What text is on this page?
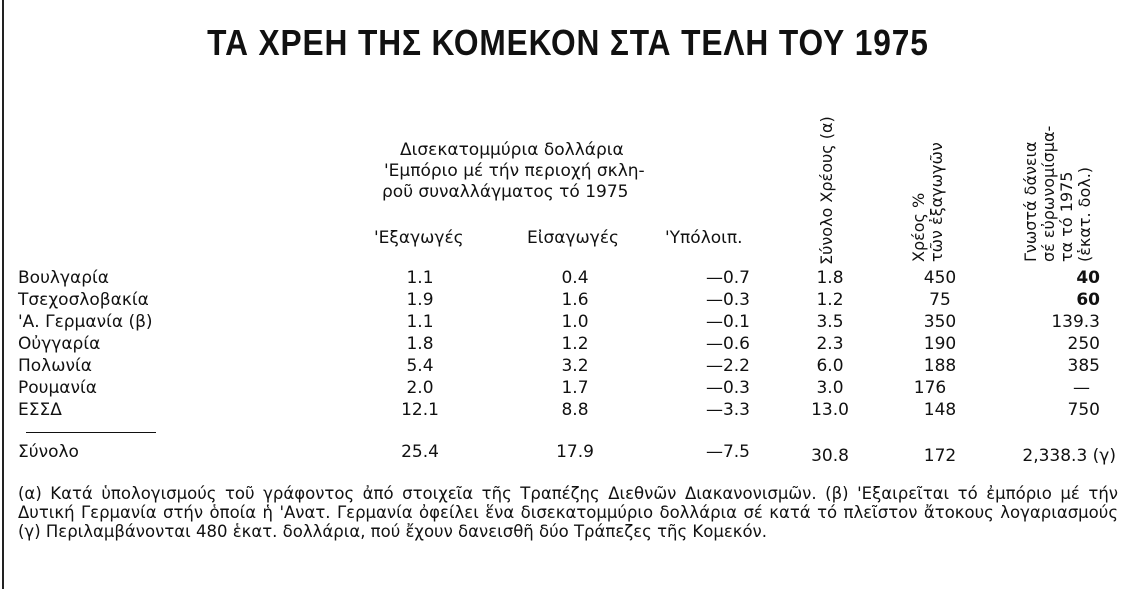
ΤΑ ΧΡΕΗ ΤΗΣ ΚΟΜΕΚΟΝ ΣΤΑ ΤΕΛΗ ΤΟΥ 1975
Δισεκατομμύρια δολλάρια
'Εμπόριο μέ τήν περιοχή σκλη-
ροῦ συναλλάγματος τό 1975
'Εξαγωγές	Εἰσαγωγές	'Υπόλοιπ.	Σύνολο Χρέους (α)	Χρέος % τῶν ἐξαγωγῶν	Γνωστά δάνεια σέ εὐρωνομίσμα- τα τό 1975 (ἑκατ. δολ.)
Βουλγαρία	1.1	0.4	—0.7	1.8	450	40
Τσεχοσλοβακία	1.9	1.6	—0.3	1.2	75	60
'Α. Γερμανία (β)	1.1	1.0	—0.1	3.5	350	139.3
Οὐγγαρία	1.8	1.2	—0.6	2.3	190	250
Πολωνία	5.4	3.2	—2.2	6.0	188	385
Ρουμανία	2.0	1.7	—0.3	3.0	176	—
ΕΣΣΔ	12.1	8.8	—3.3	13.0	148	750
Σύνολο	25.4	17.9	—7.5	30.8	172	2,338.3 (γ)
(α) Κατά ὑπολογισμούς τοῦ γράφοντος ἀπό στοιχεῖα τῆς Τραπέζης Διεθνῶν Διακανονισμῶν. (β) 'Εξαιρεῖται τό ἐμπόριο μέ τήν Δυτική Γερμανία στήν ὁποία ἡ 'Ανατ. Γερμανία ὀφείλει ἕνα δισεκατομμύριο δολλάρια σέ κατά τό πλεῖστον ἄτοκους λογαριασμούς (γ) Περιλαμβάνονται 480 ἑκατ. δολλάρια, πού ἔχουν δανεισθῆ δύο Τράπεζες τῆς Κομεκόν.
